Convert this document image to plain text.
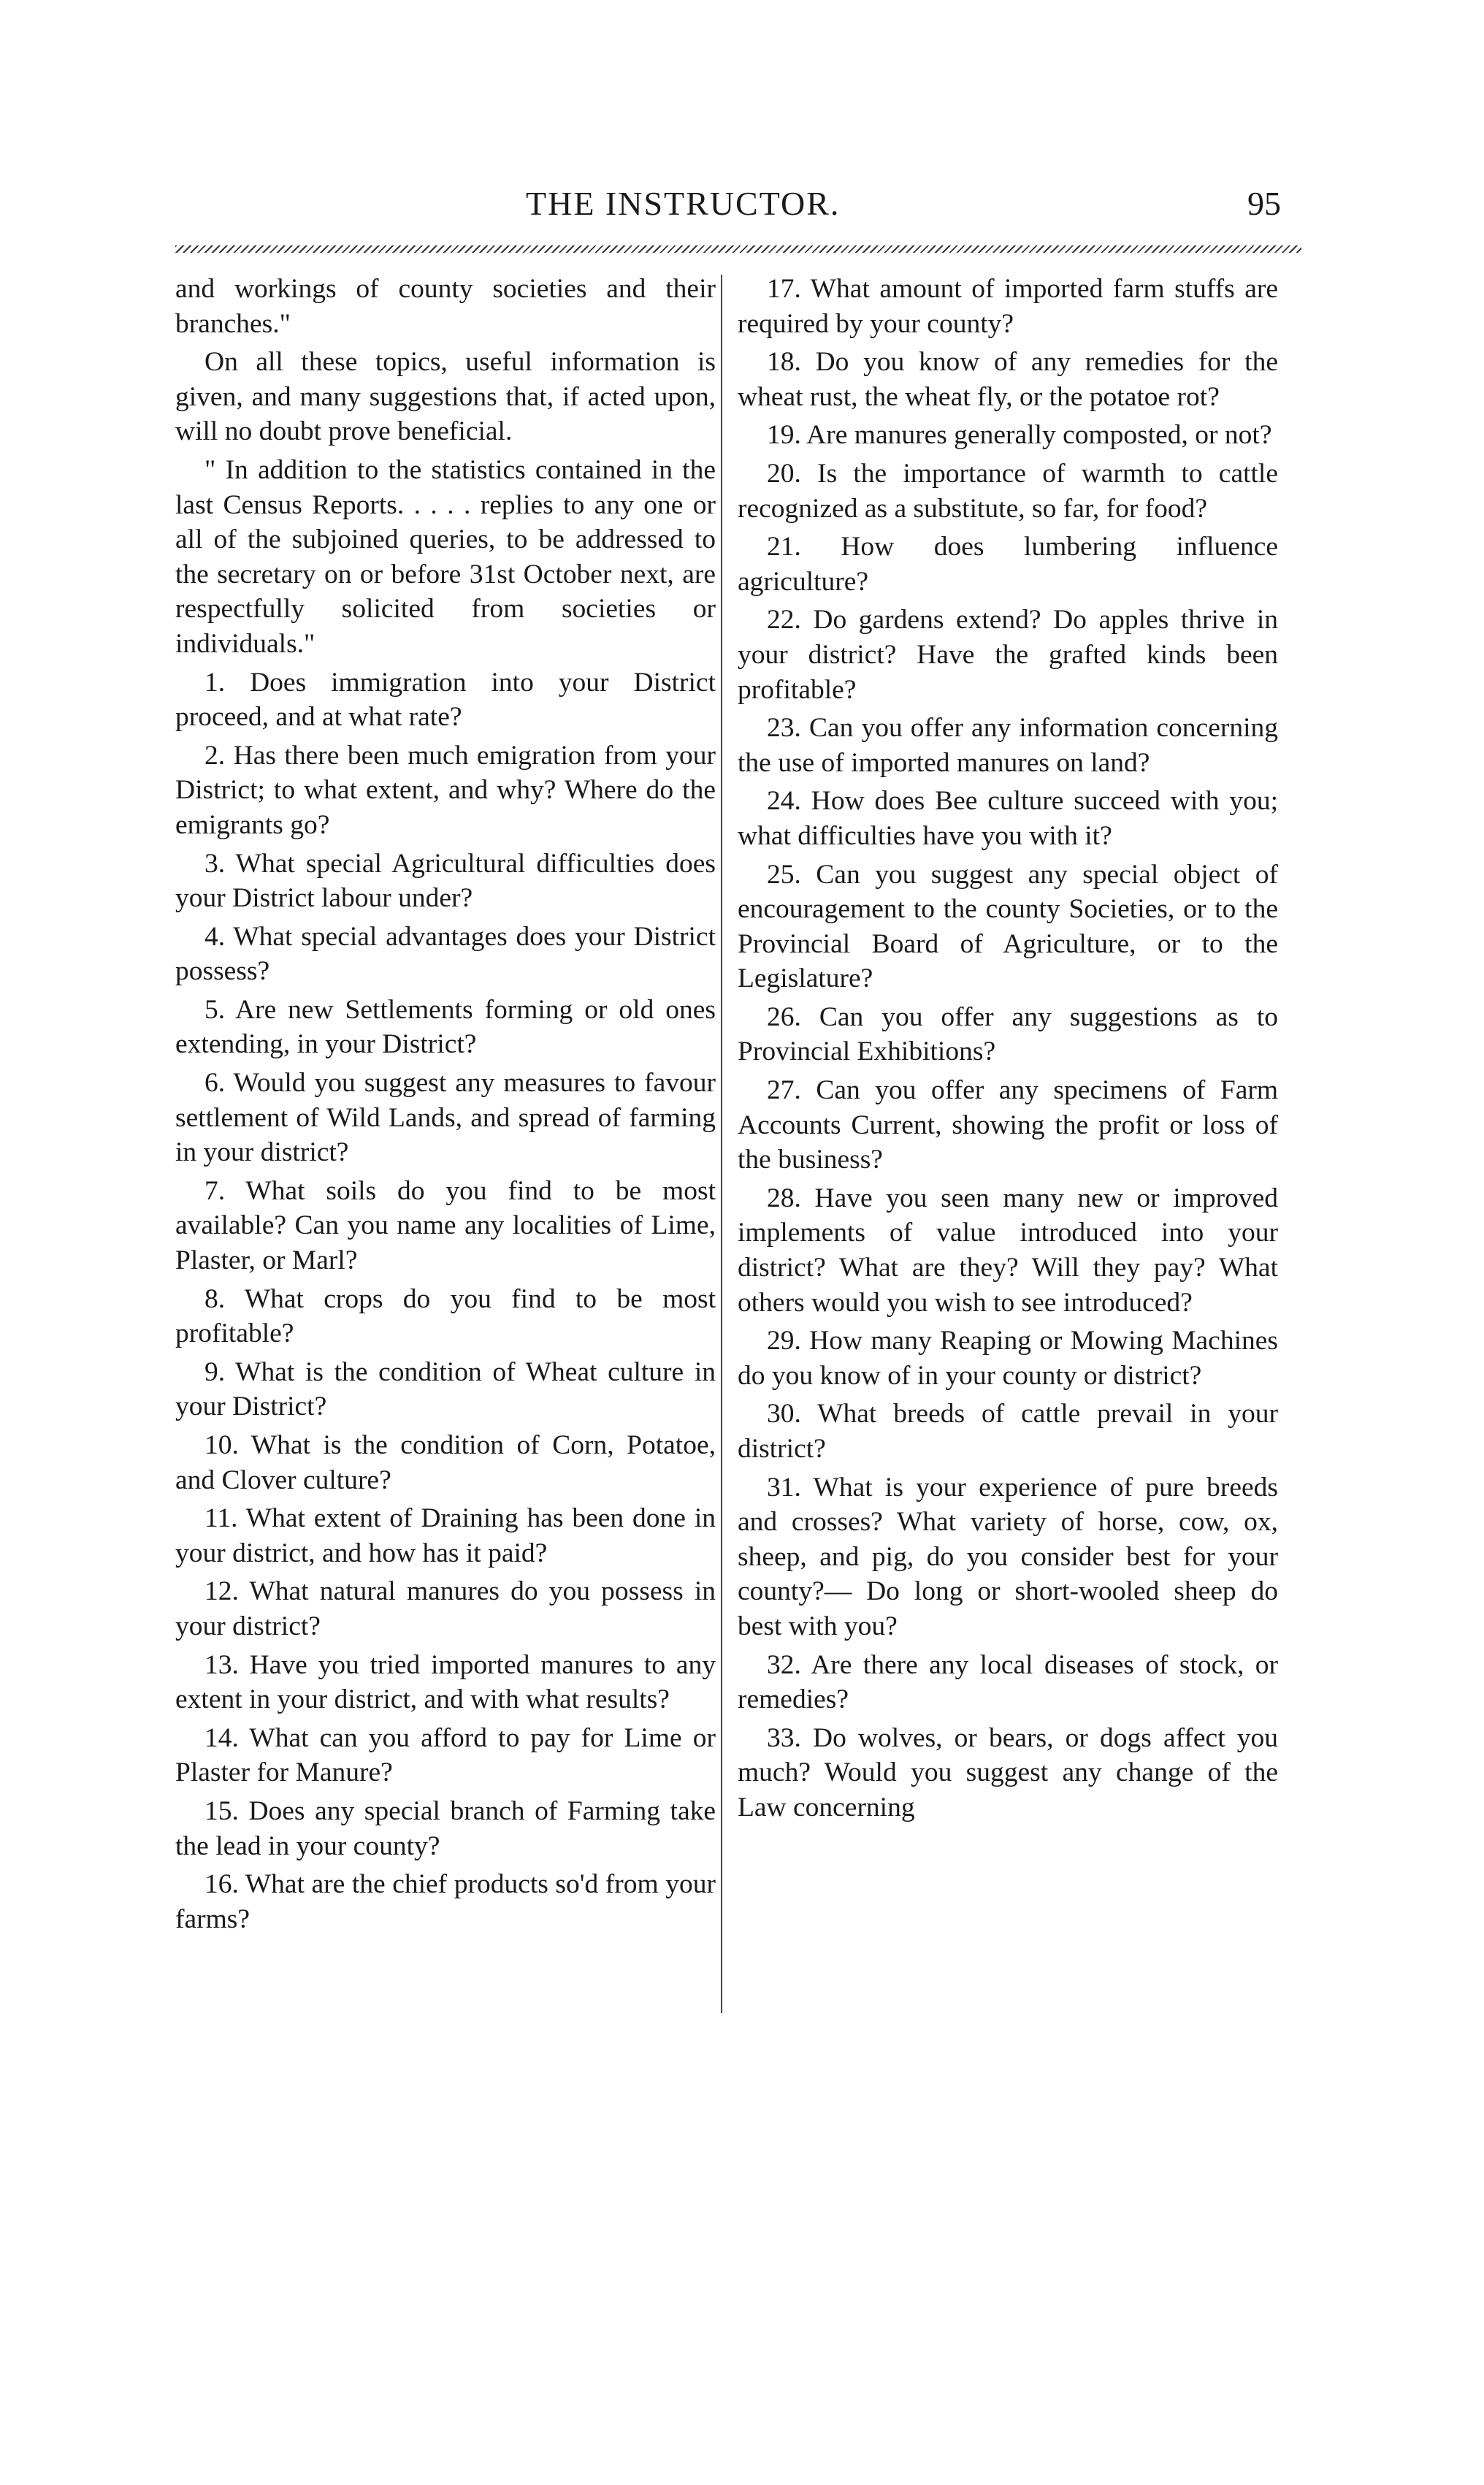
THE INSTRUCTOR.	95

and workings of county societies and their branches."

On all these topics, useful information is given, and many suggestions that, if acted upon, will no doubt prove beneficial.

" In addition to the statistics contained in the last Census Reports. . . . . replies to any one or all of the subjoined queries, to be addressed to the secretary on or before 31st October next, are respectfully solicited from societies or individuals."

1. Does immigration into your District proceed, and at what rate?

2. Has there been much emigration from your District; to what extent, and why? Where do the emigrants go?

3. What special Agricultural difficulties does your District labour under?

4. What special advantages does your District possess?

5. Are new Settlements forming or old ones extending, in your District?

6. Would you suggest any measures to favour settlement of Wild Lands, and spread of farming in your district?

7. What soils do you find to be most available? Can you name any localities of Lime, Plaster, or Marl?

8. What crops do you find to be most profitable?

9. What is the condition of Wheat culture in your District?

10. What is the condition of Corn, Potatoe, and Clover culture?

11. What extent of Draining has been done in your district, and how has it paid?

12. What natural manures do you possess in your district?

13. Have you tried imported manures to any extent in your district, and with what results?

14. What can you afford to pay for Lime or Plaster for Manure?

15. Does any special branch of Farming take the lead in your county?

16. What are the chief products so'd from your farms?

17. What amount of imported farm stuffs are required by your county?

18. Do you know of any remedies for the wheat rust, the wheat fly, or the potatoe rot?

19. Are manures generally composted, or not?

20. Is the importance of warmth to cattle recognized as a substitute, so far, for food?

21. How does lumbering influence agriculture?

22. Do gardens extend? Do apples thrive in your district? Have the grafted kinds been profitable?

23. Can you offer any information concerning the use of imported manures on land?

24. How does Bee culture succeed with you; what difficulties have you with it?

25. Can you suggest any special object of encouragement to the county Societies, or to the Provincial Board of Agriculture, or to the Legislature?

26. Can you offer any suggestions as to Provincial Exhibitions?

27. Can you offer any specimens of Farm Accounts Current, showing the profit or loss of the business?

28. Have you seen many new or improved implements of value introduced into your district? What are they? Will they pay? What others would you wish to see introduced?

29. How many Reaping or Mowing Machines do you know of in your county or district?

30. What breeds of cattle prevail in your district?

31. What is your experience of pure breeds and crosses? What variety of horse, cow, ox, sheep, and pig, do you consider best for your county?— Do long or short-wooled sheep do best with you?

32. Are there any local diseases of stock, or remedies?

33. Do wolves, or bears, or dogs affect you much? Would you suggest any change of the Law concerning
